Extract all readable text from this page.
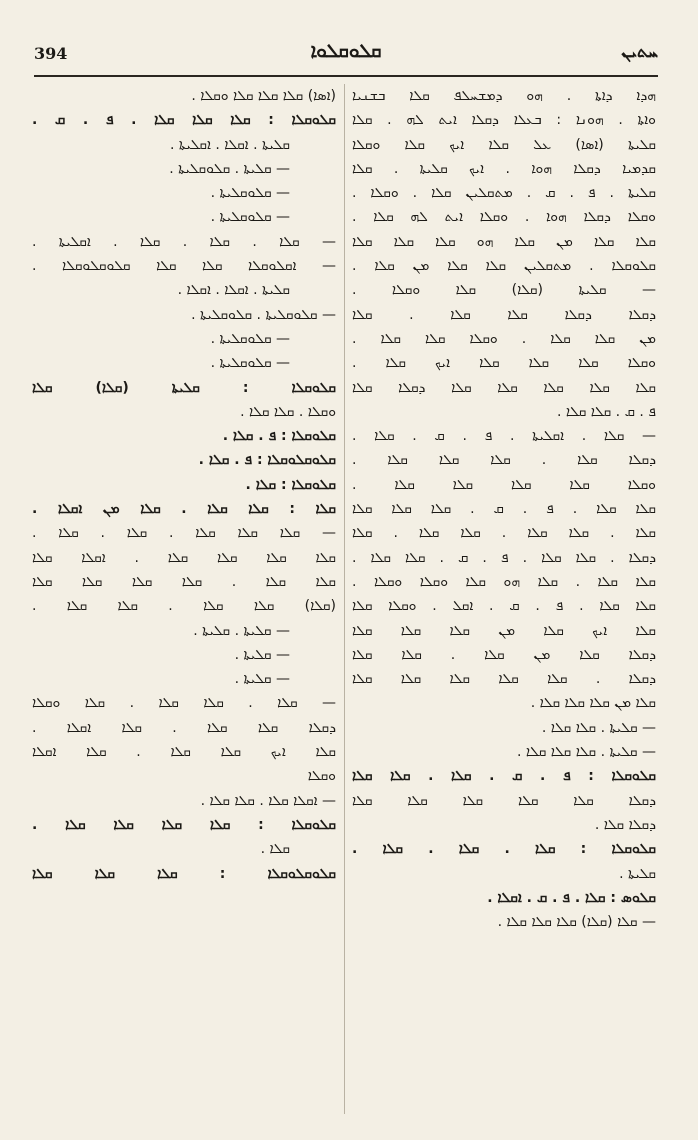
394	ܩܠܘܩܠܘܐ	ܚܬܝܢ
ܗܕܐ ܕܐܬܐ . ܗܘ ܕܡܫܚܠܦ ܩܠܐ ܒܫܢܝܐ
ܘܐܬܐ . ܗܘܢܐ : ܒܥܠܐ ܕܩܠܐ ܐܝܬ ܠܗ . ܩܠܐ
ܩܠܝܬܐ (ܐܣܐ) ܥܠ ܩܠܐ ܐܝܟ ܩܠܐ ܘܩܠܐ
ܩܕܡܝܐ ܕܩܠܐ ܗܘܐ . ܐܝܟ ܩܠܝܬܐ . ܩܠܐ
ܩܠܝܬܐ . ܦ . ܩ . ܡܬܩܠܝܢ ܩܠܐ . ܘܩܠܐ .
ܘܩܠܐ ܕܩܠܐ ܗܘܐ . ܘܩܠܐ ܐܝܬ ܠܗ ܩܠܐ .
ܩܠܐ ܩܠܐ ܡܢ ܩܠܐ ܗܘ ܩܠܐ ܩܠܐ ܩܠܐ
ܩܠܘܩܠܐ . ܡܬܩܠܝܢ ܩܠܐ ܩܠܐ ܡܢ ܩܠܐ .
— ܩܠܝܬܐ (ܩܠܐ) ܩܠܐ ܘܩܠܐ .
ܕܩܠܐ ܕܩܠܐ ܩܠܐ ܩܠܐ . ܩܠܐ
ܡܢ ܩܠܐ ܩܠܐ . ܘܩܠܐ ܩܠܐ ܩܠܐ .
ܘܩܠܐ ܩܠܐ ܩܠܐ ܩܠܐ ܐܝܟ ܩܠܐ .
ܩܠܐ ܩܠܐ ܩܠܐ ܩܠܐ ܩܠܐ ܕܩܠܐ ܩܠܐ
ܦ . ܩ . ܩܠܐ ܩܠܐ .
— ܩܠܐ . ܐܩܠܝܬܐ . ܦ . ܩ . ܩܠܐ .
ܕܩܠܐ ܩܠܐ . ܩܠܐ ܩܠܐ ܩܠܐ .
ܘܩܠܐ ܩܠܐ ܩܠܐ ܩܠܐ ܩܠܐ .
ܩܠܐ ܩܠܐ . ܦ . ܩ . ܩܠܐ ܩܠܐ ܩܠܐ
ܩܠܐ . ܩܠܐ ܩܠܐ . ܩܠܐ ܩܠܐ . ܩܠܐ
ܕܩܠܐ . ܩܠܐ ܩܠܐ . ܦ . ܩ . ܩܠܐ ܩܠܐ .
ܩܠܐ ܩܠܐ . ܩܠܐ ܗܘ ܩܠܐ ܘܩܠܐ ܘܩܠܐ .
ܩܠܐ ܩܠܐ . ܦ . ܩ . ܐܩܠ . ܘܩܠܐ ܩܠܐ
ܩܠܐ ܐܝܟ ܩܠܐ ܡܢ ܩܠܐ ܩܠܐ ܩܠܐ
ܕܩܠܐ ܩܠܐ ܡܢ ܩܠܐ . ܩܠܐ ܩܠܐ
ܕܩܠܐ . ܩܠܐ ܩܠܐ ܩܠܐ ܩܠܐ ܩܠܐ
ܩܠܐ ܡܢ ܩܠܐ ܩܠܐ ܩܠܐ .
— ܩܠܝܬܐ . ܩܠܐ ܩܠܐ .
— ܩܠܝܬܐ . ܩܠܐ ܩܠܐ ܩܠܐ .
ܩܠܘܩܠܐ : ܦ . ܩ . ܩܠܐ . ܩܠܐ ܩܠܐ
ܕܩܠܐ ܩܠܐ ܩܠܐ ܩܠܐ ܩܠܐ ܩܠܐ
ܕܩܠܐ ܩܠܐ .
ܩܠܘܩܠܐ : ܩܠܐ . ܩܠܐ . ܩܠܐ .
ܩܠܝܬܐ .
ܩܠܘܣ : ܩܠܐ . ܦ . ܩ . ܐܩܠܐ .
— ܩܠܐ (ܩܠܐ) ܩܠܐ ܩܠܐ ܩܠܐ .
(ܐܣܐ) ܩܠܐ ܩܠܐ ܩܠܐ ܘܩܠܐ .
ܩܠܘܩܠܐ : ܩܠܐ ܩܠܐ ܩܠܐ . ܦ . ܩ .
ܩܠܝܬܐ . ܐܩܠܐ . ܐܩܠܝܬܐ .
— ܩܠܝܬܐ . ܩܠܘܩܠܝܬܐ .
— ܩܠܘܩܠܝܬܐ .
— ܩܠܘܩܠܝܬܐ .
— ܩܠܐ . ܩܠܐ . ܩܠܐ . ܐܩܠܝܬܐ .
— ܐܩܠܘܩܠܐ ܩܠܐ ܩܠܐ ܩܠܘܩܠܘܩܠܐ .
ܩܠܝܬܐ . ܐܩܠܐ . ܐܩܠܐ .
— ܩܠܘܩܠܝܬܐ . ܩܠܘܩܠܝܬܐ .
— ܩܠܘܩܠܝܬܐ .
— ܩܠܘܩܠܝܬܐ .
ܩܠܘܩܠܐ : ܩܠܝܬܐ (ܩܠܐ) ܩܠܐ
ܘܩܠܐ . ܩܠܐ ܩܠܐ .
ܩܠܘܩܠܐ : ܦ . ܩܠܐ .
ܩܠܘܩܠܘܩܠܐ : ܦ . ܩܠܐ .
ܩܠܘܩܠܐ : ܩܠܐ .
ܩܠܐ : ܩܠܐ ܩܠܐ . ܩܠܐ ܡܢ ܐܩܠܐ .
— ܩܠܐ ܩܠܐ ܩܠܐ . ܩܠܐ . ܩܠܐ .
ܩܠܐ ܩܠܐ ܩܠܐ ܩܠܐ . ܐܩܠܐ ܩܠܐ
ܩܠܐ ܩܠܐ . ܩܠܐ ܩܠܐ ܩܠܐ ܩܠܐ
(ܩܠܐ) ܩܠܐ ܩܠܐ . ܩܠܐ ܩܠܐ .
— ܩܠܝܬܐ . ܩܠܝܬܐ .
— ܩܠܝܬܐ .
— ܩܠܝܬܐ .
— ܩܠܐ . ܩܠܐ ܩܠܐ . ܩܠܐ ܘܩܠܐ
ܕܩܠܐ ܩܠܐ ܩܠܐ . ܩܠܐ ܐܩܠܐ .
ܩܠܐ ܐܝܟ ܩܠܐ ܩܠܐ . ܩܠܐ ܐܩܠܐ
ܘܩܠܐ
— ܐܩܠܐ ܩܠܐ . ܩܠܐ ܩܠܐ .
ܩܠܘܩܠܐ : ܩܠܐ ܩܠܐ ܩܠܐ ܩܠܐ .
ܩܠܐ .
ܩܠܘܩܠܘܩܠܐ : ܩܠܐ ܩܠܐ ܩܠܐ
